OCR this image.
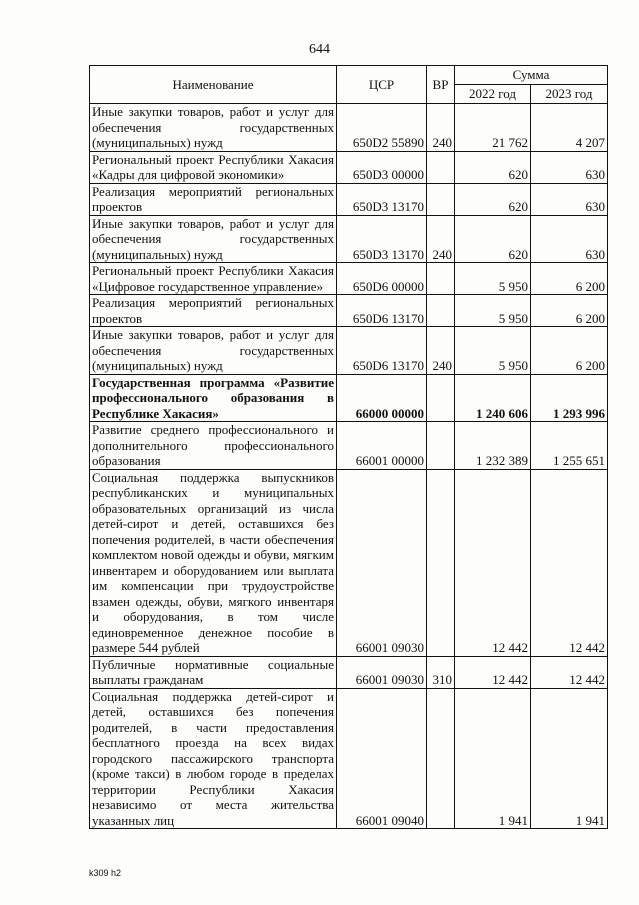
644
Наименование	ЦСР	ВР	Сумма	
			2022 год	2023 год
Иные закупки товаров, работ и услуг для обеспечения государственных (муниципальных) нужд	650D2 55890	240	21 762	4 207
Региональный проект Республики Хакасия «Кадры для цифровой экономики»	650D3 00000		620	630
Реализация мероприятий региональных проектов	650D3 13170		620	630
Иные закупки товаров, работ и услуг для обеспечения государственных (муниципальных) нужд	650D3 13170	240	620	630
Региональный проект Республики Хакасия «Цифровое государственное управление»	650D6 00000		5 950	6 200
Реализация мероприятий региональных проектов	650D6 13170		5 950	6 200
Иные закупки товаров, работ и услуг для обеспечения государственных (муниципальных) нужд	650D6 13170	240	5 950	6 200
Государственная программа «Развитие профессионального образования в Республике Хакасия»	66000 00000		1 240 606	1 293 996
Развитие среднего профессионального и дополнительного профессионального образования	66001 00000		1 232 389	1 255 651
Социальная поддержка выпускников республиканских и муниципальных образовательных организаций из числа детей-сирот и детей, оставшихся без попечения родителей, в части обеспечения комплектом новой одежды и обуви, мягким инвентарем и оборудованием или выплата им компенсации при трудоустройстве взамен одежды, обуви, мягкого инвентаря и оборудования, в том числе единовременное денежное пособие в размере 544 рублей	66001 09030		12 442	12 442
Публичные нормативные социальные выплаты гражданам	66001 09030	310	12 442	12 442
Социальная поддержка детей-сирот и детей, оставшихся без попечения родителей, в части предоставления бесплатного проезда на всех видах городского пассажирского транспорта (кроме такси) в любом городе в пределах территории Республики Хакасия независимо от места жительства указанных лиц	66001 09040		1 941	1 941
k309 h2
